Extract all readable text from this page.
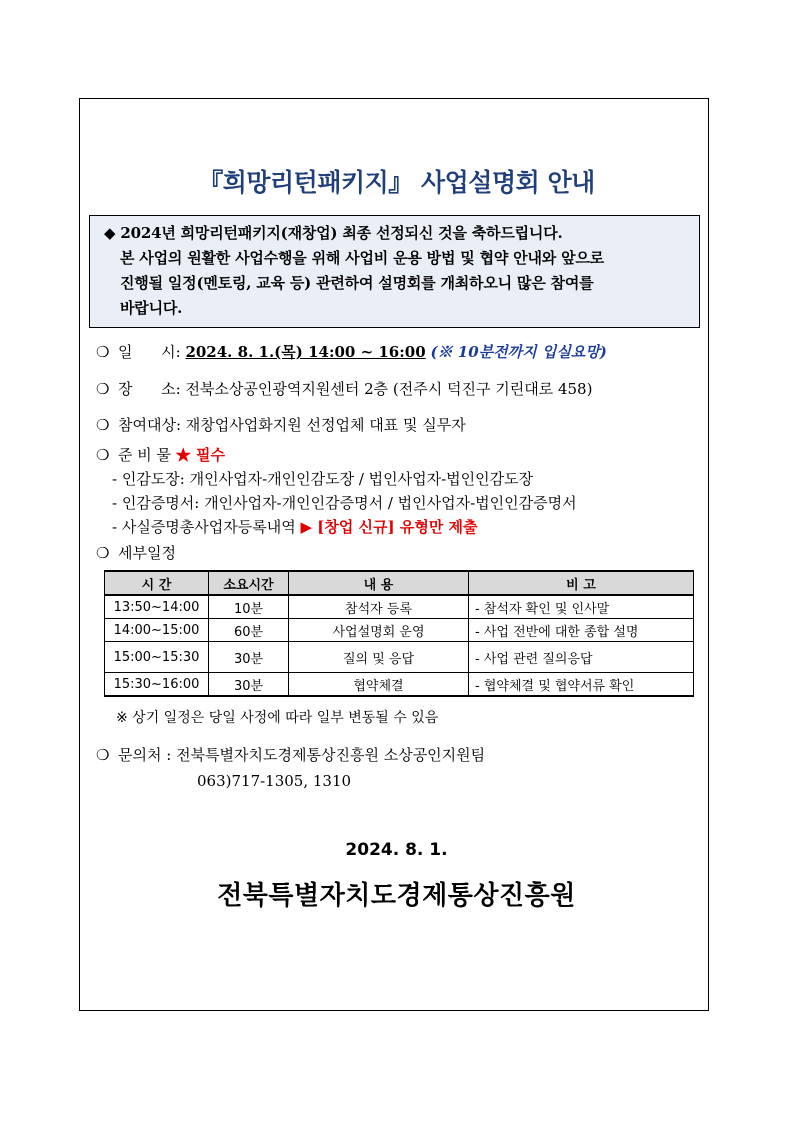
『희망리턴패키지』 사업설명회 안내
◆ 2024년 희망리턴패키지(재창업) 최종 선정되신 것을 축하드립니다.
본 사업의 원활한 사업수행을 위해 사업비 운용 방법 및 협약 안내와 앞으로
진행될 일정(멘토링, 교육 등) 관련하여 설명회를 개최하오니 많은 참여를
바랍니다.
❍ 일      시: 2024. 8. 1.(목) 14:00 ~ 16:00 (※ 10분전까지 입실요망)
❍ 장      소: 전북소상공인광역지원센터 2층 (전주시 덕진구 기린대로 458)
❍ 참여대상: 재창업사업화지원 선정업체 대표 및 실무자
❍ 준 비 물 ★ 필수
- 인감도장: 개인사업자-개인인감도장 / 법인사업자-법인인감도장
- 인감증명서: 개인사업자-개인인감증명서 / 법인사업자-법인인감증명서
- 사실증명총사업자등록내역 ▶ [창업 신규] 유형만 제출
❍ 세부일정
시 간	소요시간	내 용	비 고
13:50~14:00	10분	참석자 등록	- 참석자 확인 및 인사말
14:00~15:00	60분	사업설명회 운영	- 사업 전반에 대한 종합 설명
15:00~15:30	30분	질의 및 응답	- 사업 관련 질의응답
15:30~16:00	30분	협약체결	- 협약체결 및 협약서류 확인
※ 상기 일정은 당일 사정에 따라 일부 변동될 수 있음
❍ 문의처 : 전북특별자치도경제통상진흥원 소상공인지원팀
063)717-1305, 1310
2024. 8. 1.
전북특별자치도경제통상진흥원
